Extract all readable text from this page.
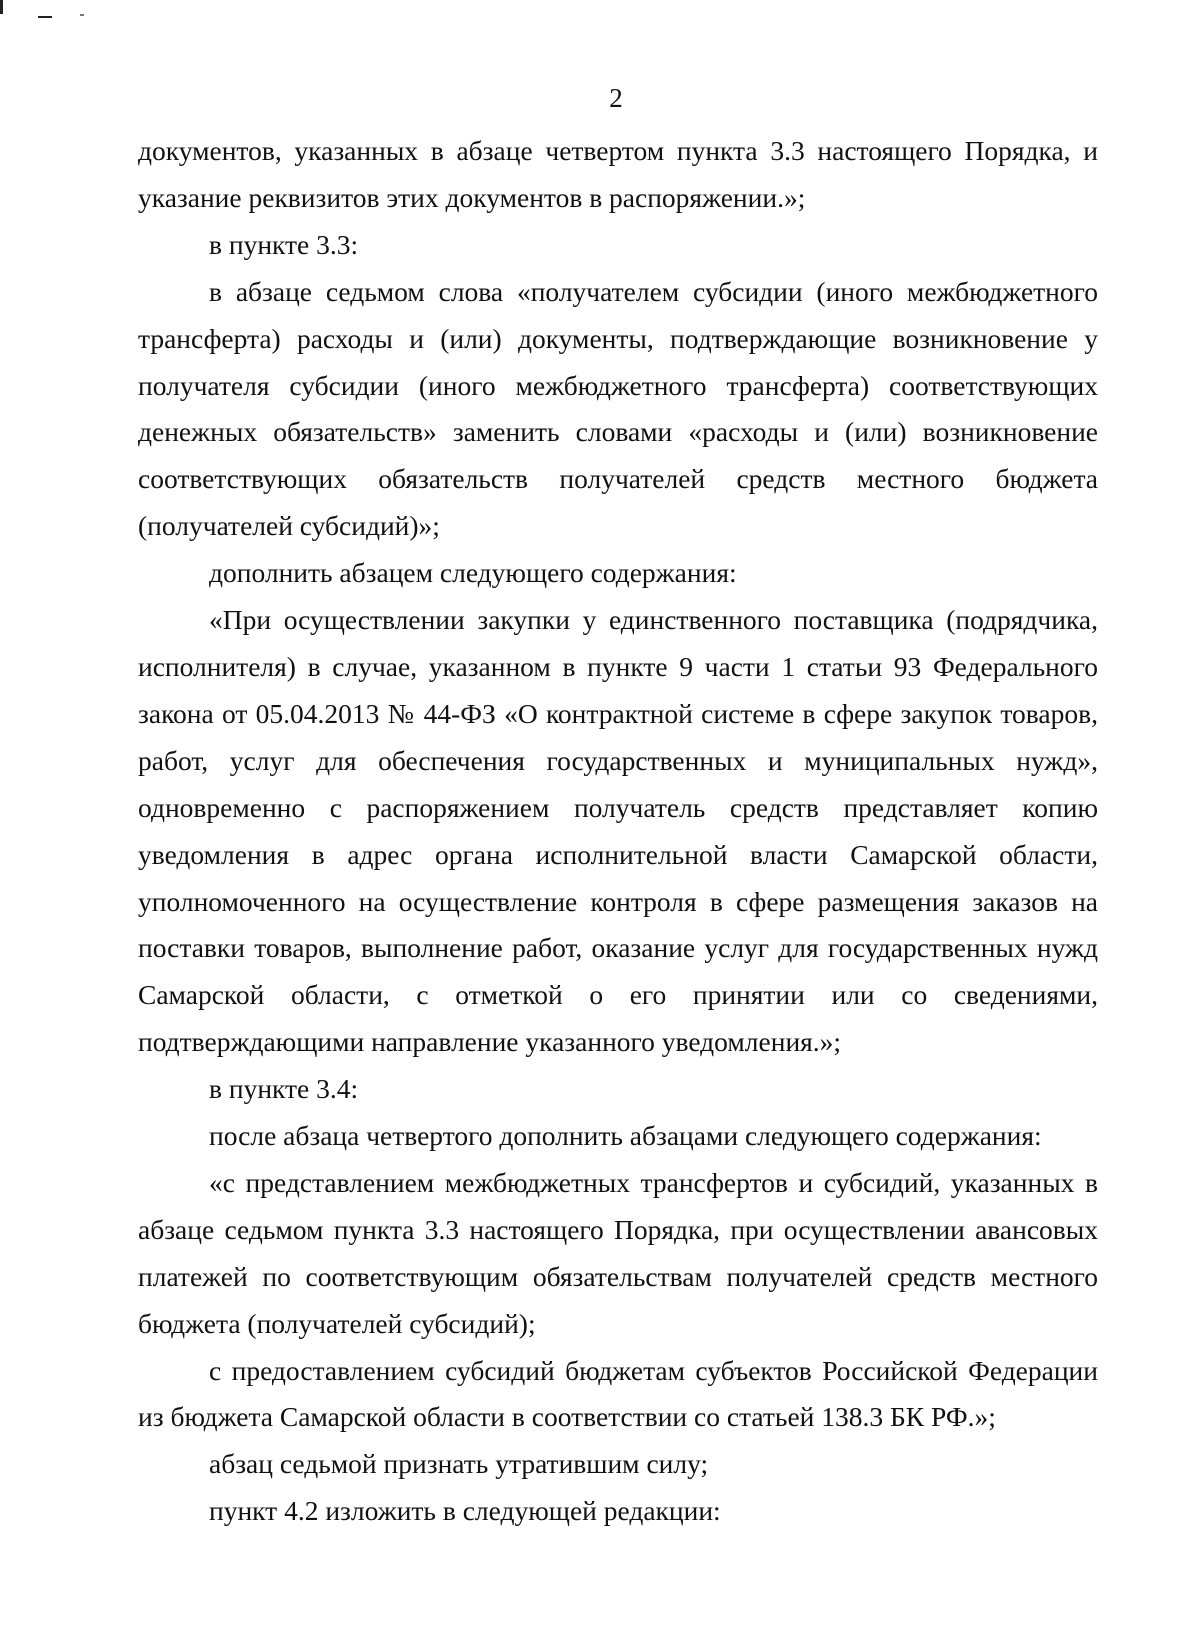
2

документов, указанных в абзаце четвертом пункта 3.3 настоящего Порядка, и указание реквизитов этих документов в распоряжении.»;

в пункте 3.3:

в абзаце седьмом слова «получателем субсидии (иного межбюджетного трансферта) расходы и (или) документы, подтверждающие возникновение у получателя субсидии (иного межбюджетного трансферта) соответствующих денежных обязательств» заменить словами «расходы и (или) возникновение соответствующих обязательств получателей средств местного бюджета (получателей субсидий)»;

дополнить абзацем следующего содержания:

«При осуществлении закупки у единственного поставщика (подрядчика, исполнителя) в случае, указанном в пункте 9 части 1 статьи 93 Федерального закона от 05.04.2013 № 44-ФЗ «О контрактной системе в сфере закупок товаров, работ, услуг для обеспечения государственных и муниципальных нужд», одновременно с распоряжением получатель средств представляет копию уведомления в адрес органа исполнительной власти Самарской области, уполномоченного на осуществление контроля в сфере размещения заказов на поставки товаров, выполнение работ, оказание услуг для государственных нужд Самарской области, с отметкой о его принятии или со сведениями, подтверждающими направление указанного уведомления.»;

в пункте 3.4:

после абзаца четвертого дополнить абзацами следующего содержания:

«с представлением межбюджетных трансфертов и субсидий, указанных в абзаце седьмом пункта 3.3 настоящего Порядка, при осуществлении авансовых платежей по соответствующим обязательствам получателей средств местного бюджета (получателей субсидий);

с предоставлением субсидий бюджетам субъектов Российской Федерации из бюджета Самарской области в соответствии со статьей 138.3 БК РФ.»;

абзац седьмой признать утратившим силу;

пункт 4.2 изложить в следующей редакции:
